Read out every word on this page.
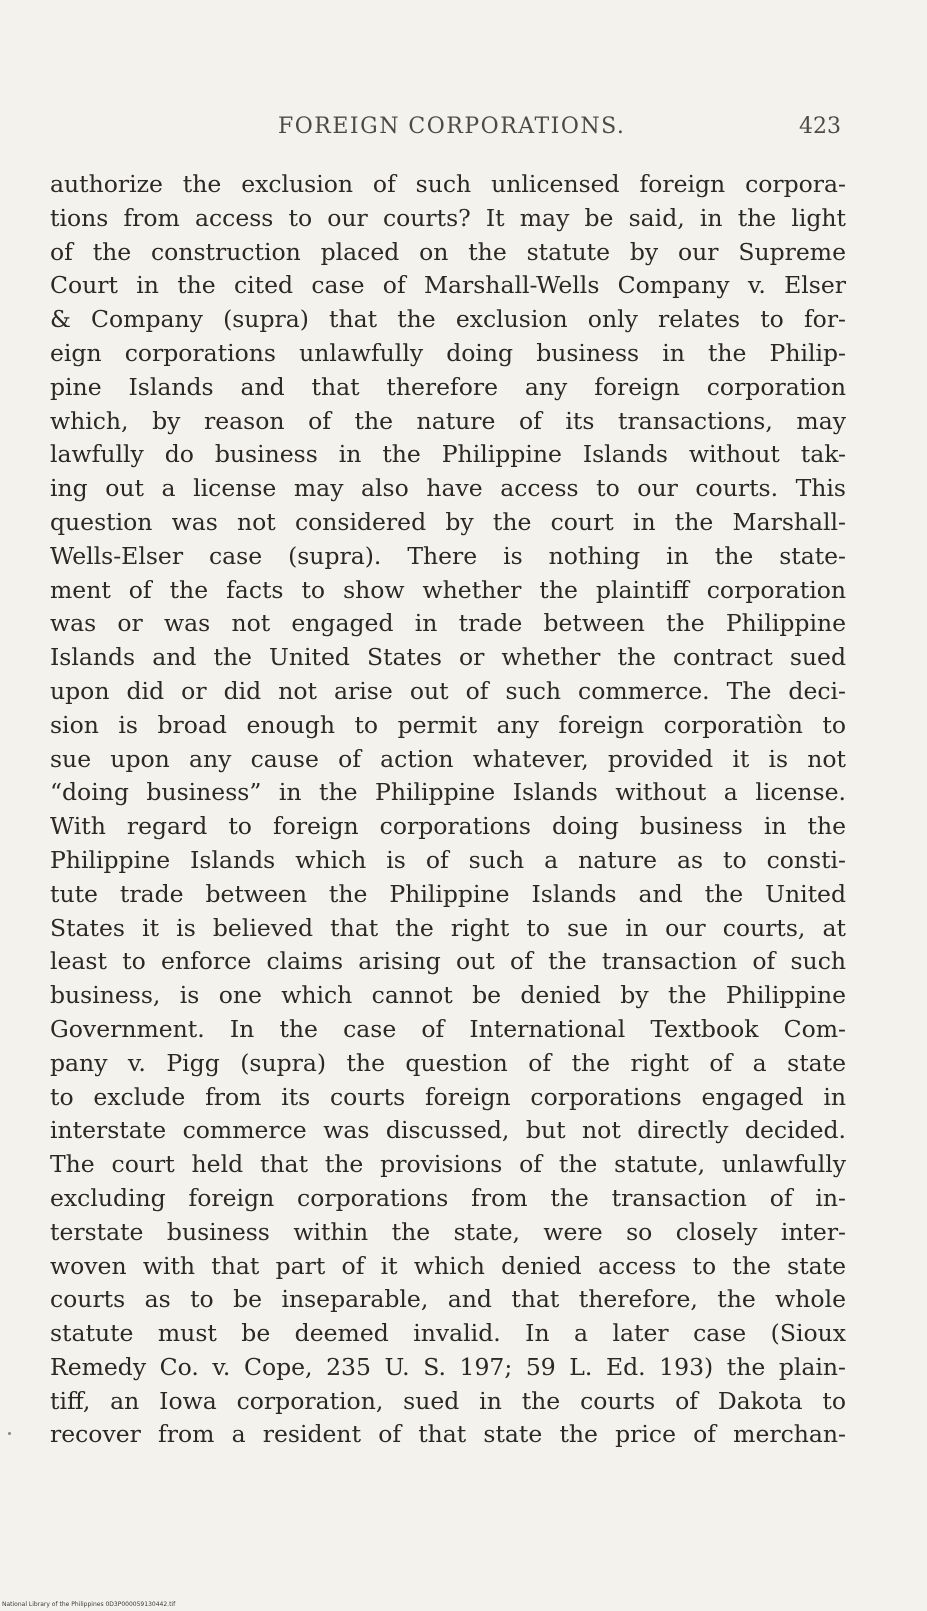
FOREIGN CORPORATIONS.	423
authorize the exclusion of such unlicensed foreign corpora-
tions from access to our courts? It may be said, in the light
of the construction placed on the statute by our Supreme
Court in the cited case of Marshall-Wells Company v. Elser
& Company (supra) that the exclusion only relates to for-
eign corporations unlawfully doing business in the Philip-
pine Islands and that therefore any foreign corporation
which, by reason of the nature of its transactions, may
lawfully do business in the Philippine Islands without tak-
ing out a license may also have access to our courts. This
question was not considered by the court in the Marshall-
Wells-Elser case (supra). There is nothing in the state-
ment of the facts to show whether the plaintiff corporation
was or was not engaged in trade between the Philippine
Islands and the United States or whether the contract sued
upon did or did not arise out of such commerce. The deci-
sion is broad enough to permit any foreign corporatiòn to
sue upon any cause of action whatever, provided it is not
“doing business” in the Philippine Islands without a license.
With regard to foreign corporations doing business in the
Philippine Islands which is of such a nature as to consti-
tute trade between the Philippine Islands and the United
States it is believed that the right to sue in our courts, at
least to enforce claims arising out of the transaction of such
business, is one which cannot be denied by the Philippine
Government. In the case of International Textbook Com-
pany v. Pigg (supra) the question of the right of a state
to exclude from its courts foreign corporations engaged in
interstate commerce was discussed, but not directly decided.
The court held that the provisions of the statute, unlawfully
excluding foreign corporations from the transaction of in-
terstate business within the state, were so closely inter-
woven with that part of it which denied access to the state
courts as to be inseparable, and that therefore, the whole
statute must be deemed invalid. In a later case (Sioux
Remedy Co. v. Cope, 235 U. S. 197; 59 L. Ed. 193) the plain-
tiff, an Iowa corporation, sued in the courts of Dakota to
recover from a resident of that state the price of merchan-
National Library of the Philippines 0D3P000059130442.tif
